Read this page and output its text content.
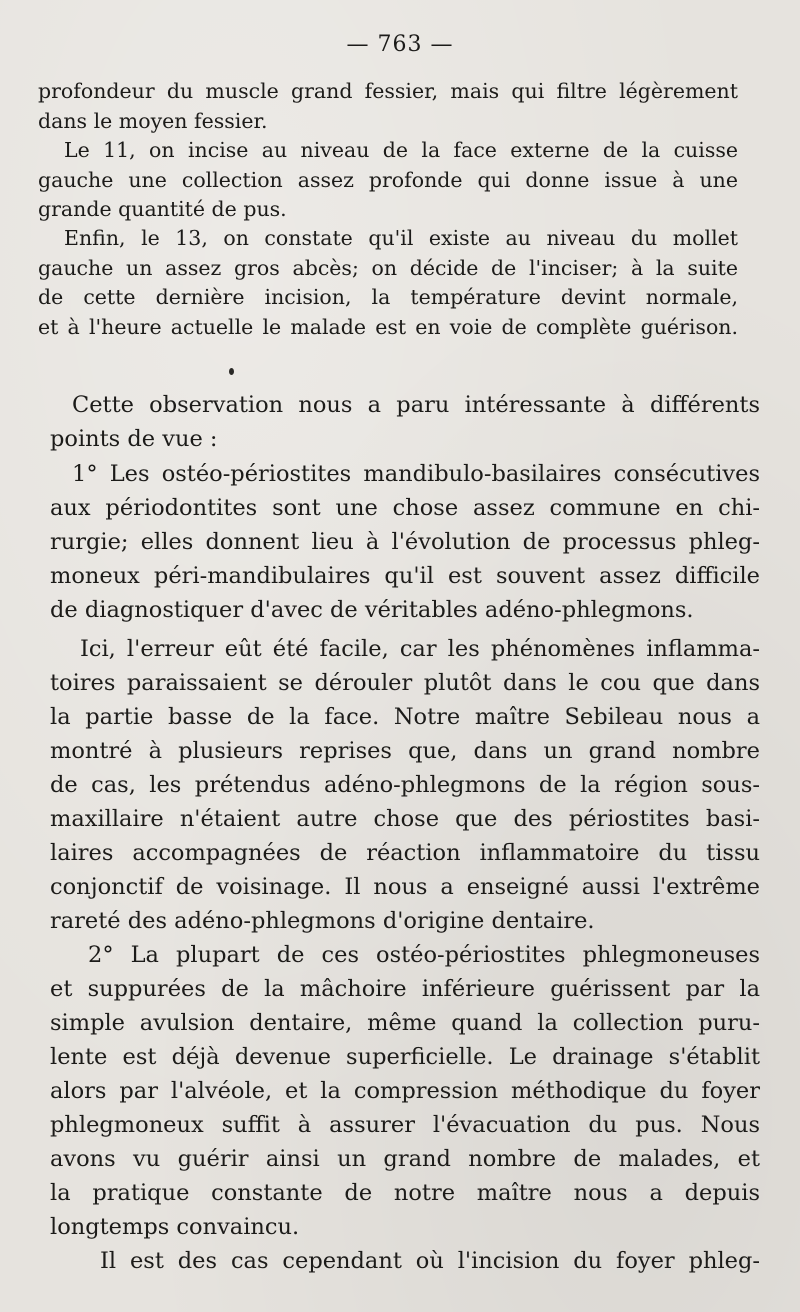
— 763 —
profondeur du muscle grand fessier, mais qui filtre légèrement
dans le moyen fessier.
Le 11, on incise au niveau de la face externe de la cuisse
gauche une collection assez profonde qui donne issue à une
grande quantité de pus.
Enfin, le 13, on constate qu'il existe au niveau du mollet
gauche un assez gros abcès; on décide de l'inciser; à la suite
de cette dernière incision, la température devint normale,
et à l'heure actuelle le malade est en voie de complète guérison.
Cette observation nous a paru intéressante à différents
points de vue :
1° Les ostéo-périostites mandibulo-basilaires consécutives
aux périodontites sont une chose assez commune en chi-
rurgie; elles donnent lieu à l'évolution de processus phleg-
moneux péri-mandibulaires qu'il est souvent assez difficile
de diagnostiquer d'avec de véritables adéno-phlegmons.
Ici, l'erreur eût été facile, car les phénomènes inflamma-
toires paraissaient se dérouler plutôt dans le cou que dans
la partie basse de la face. Notre maître Sebileau nous a
montré à plusieurs reprises que, dans un grand nombre
de cas, les prétendus adéno-phlegmons de la région sous-
maxillaire n'étaient autre chose que des périostites basi-
laires accompagnées de réaction inflammatoire du tissu
conjonctif de voisinage. Il nous a enseigné aussi l'extrême
rareté des adéno-phlegmons d'origine dentaire.
2° La plupart de ces ostéo-périostites phlegmoneuses
et suppurées de la mâchoire inférieure guérissent par la
simple avulsion dentaire, même quand la collection puru-
lente est déjà devenue superficielle. Le drainage s'établit
alors par l'alvéole, et la compression méthodique du foyer
phlegmoneux suffit à assurer l'évacuation du pus. Nous
avons vu guérir ainsi un grand nombre de malades, et
la pratique constante de notre maître nous a depuis
longtemps convaincu.
Il est des cas cependant où l'incision du foyer phleg-
